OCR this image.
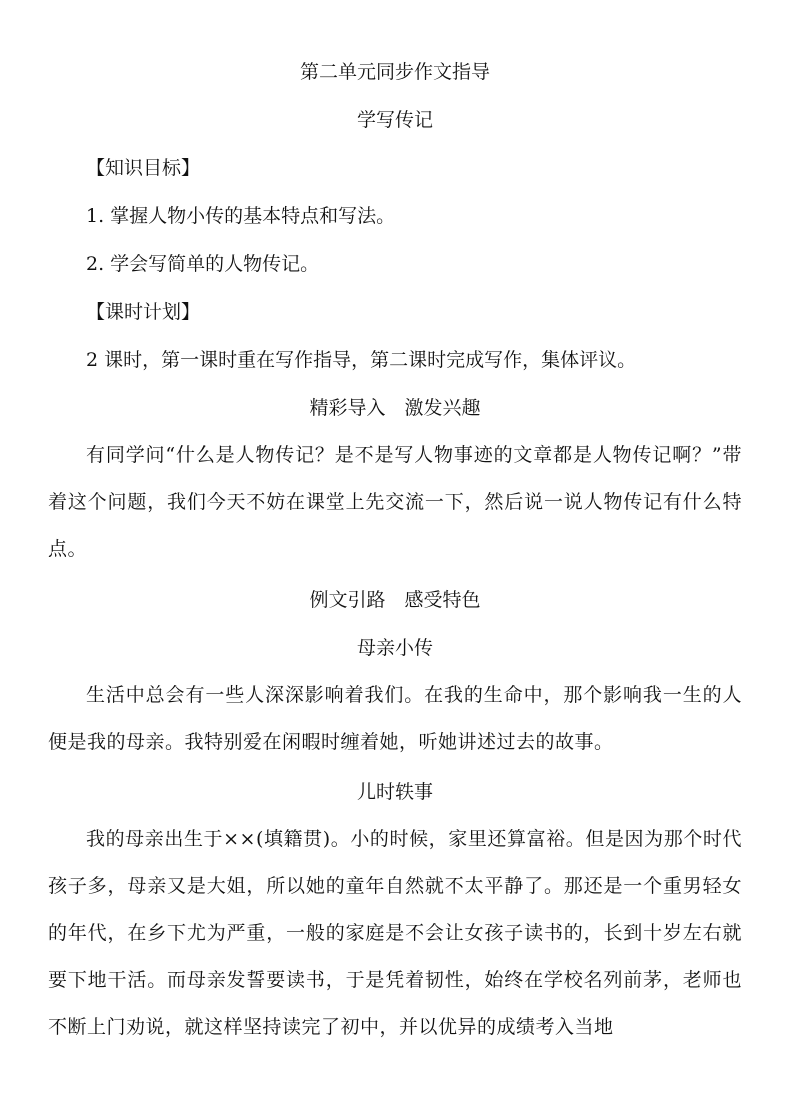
第二单元同步作文指导
学写传记
【知识目标】
1. 掌握人物小传的基本特点和写法。
2. 学会写简单的人物传记。
【课时计划】
2 课时，第一课时重在写作指导，第二课时完成写作，集体评议。
精彩导入　激发兴趣

有同学问“什么是人物传记？是不是写人物事迹的文章都是人物传记啊？”带着这个问题，我们今天不妨在课堂上先交流一下，然后说一说人物传记有什么特点。

例文引路　感受特色
母亲小传

生活中总会有一些人深深影响着我们。在我的生命中，那个影响我一生的人便是我的母亲。我特别爱在闲暇时缠着她，听她讲述过去的故事。

儿时轶事

我的母亲出生于××(填籍贯)。小的时候，家里还算富裕。但是因为那个时代孩子多，母亲又是大姐，所以她的童年自然就不太平静了。那还是一个重男轻女的年代，在乡下尤为严重，一般的家庭是不会让女孩子读书的，长到十岁左右就要下地干活。而母亲发誓要读书，于是凭着韧性，始终在学校名列前茅，老师也不断上门劝说，就这样坚持读完了初中，并以优异的成绩考入当地
